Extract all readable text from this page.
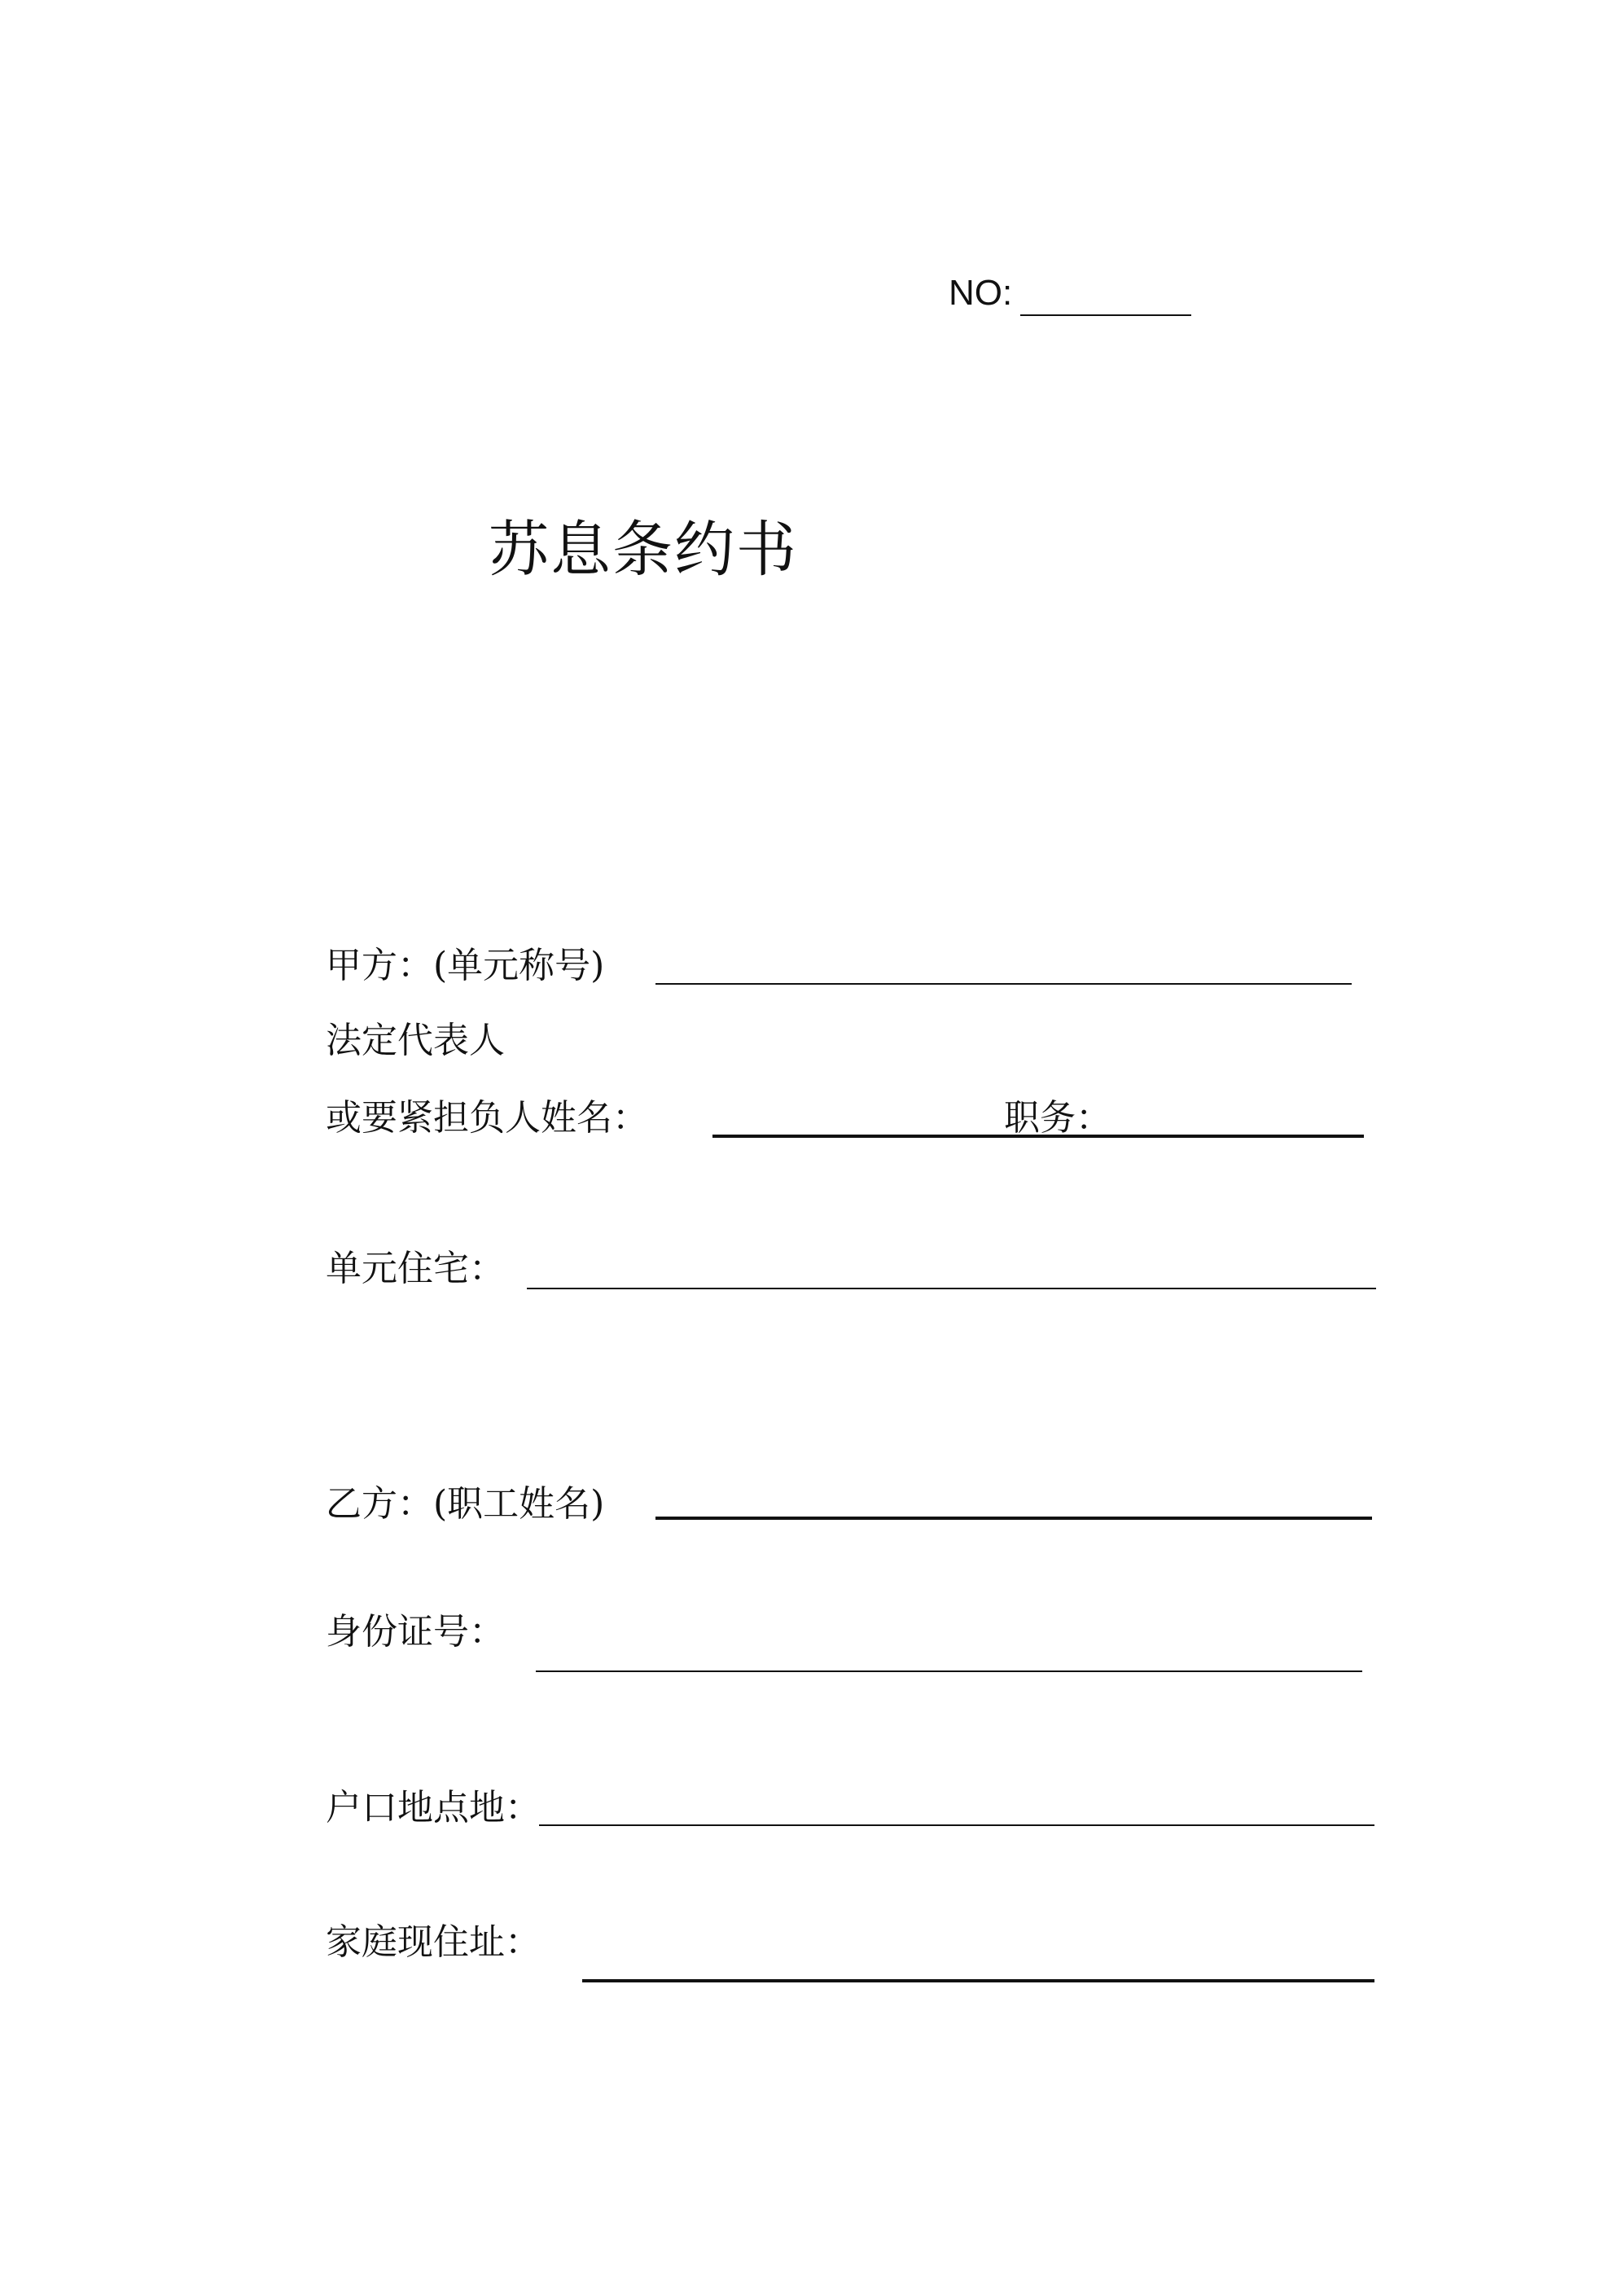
NO:
苏息条约书
甲方：(单元称号)
法定代表人
或要紧担负人姓名：	职务：
单元住宅：
乙方：(职工姓名)
身份证号：
户口地点地：
家庭现住址：
